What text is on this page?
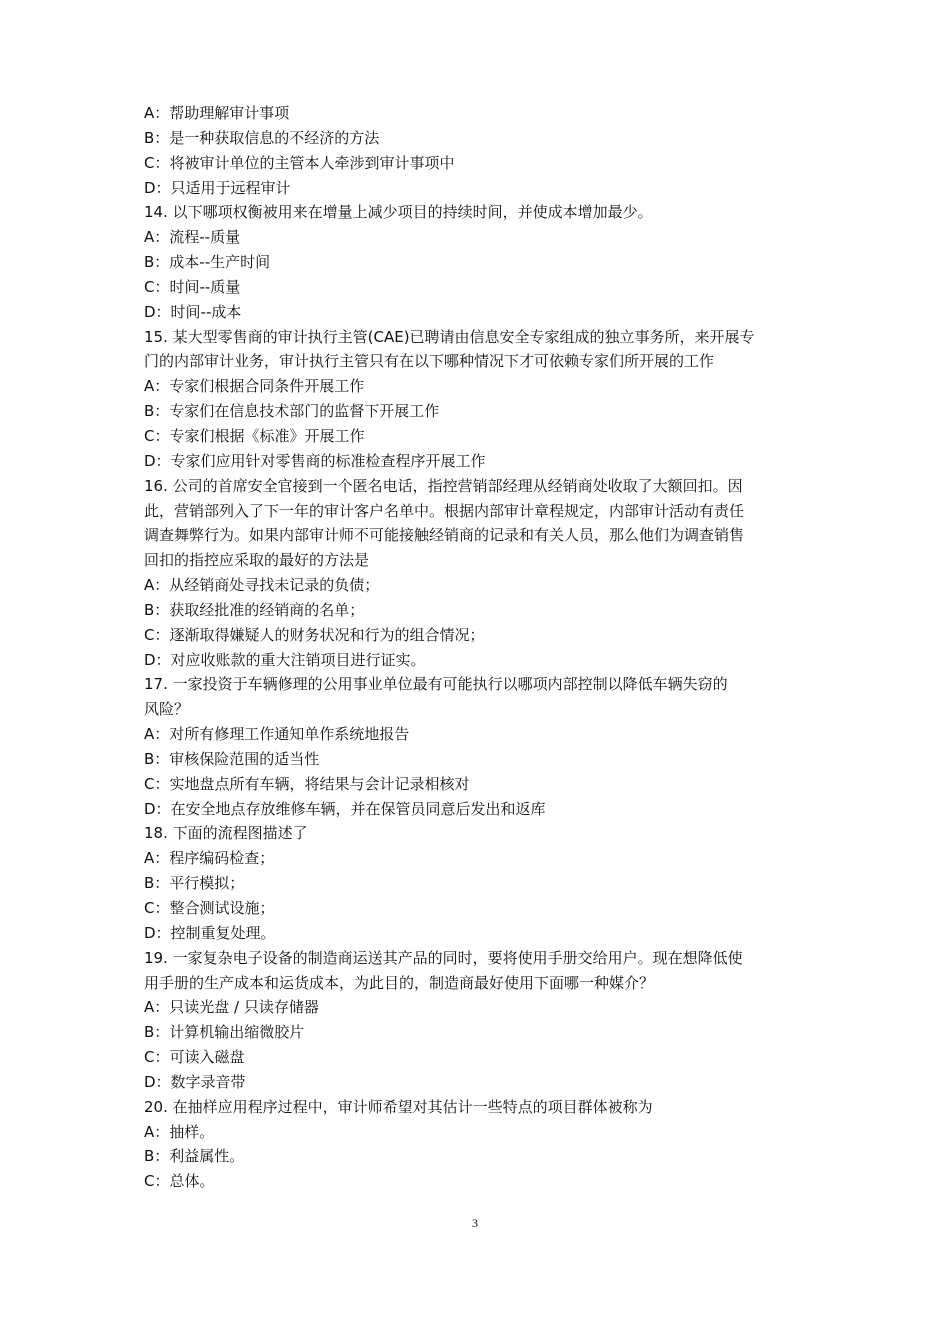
A：帮助理解审计事项
B：是一种获取信息的不经济的方法
C：将被审计单位的主管本人牵涉到审计事项中
D：只适用于远程审计
14. 以下哪项权衡被用来在增量上减少项目的持续时间，并使成本增加最少。
A：流程--质量
B：成本--生产时间
C：时间--质量
D：时间--成本
15. 某大型零售商的审计执行主管(CAE)已聘请由信息安全专家组成的独立事务所，来开展专
门的内部审计业务，审计执行主管只有在以下哪种情况下才可依赖专家们所开展的工作
A：专家们根据合同条件开展工作
B：专家们在信息技术部门的监督下开展工作
C：专家们根据《标准》开展工作
D：专家们应用针对零售商的标准检查程序开展工作
16. 公司的首席安全官接到一个匿名电话，指控营销部经理从经销商处收取了大额回扣。因
此，营销部列入了下一年的审计客户名单中。根据内部审计章程规定，内部审计活动有责任
调查舞弊行为。如果内部审计师不可能接触经销商的记录和有关人员，那么他们为调查销售
回扣的指控应采取的最好的方法是
A：从经销商处寻找未记录的负债；
B：获取经批准的经销商的名单；
C：逐渐取得嫌疑人的财务状况和行为的组合情况；
D：对应收账款的重大注销项目进行证实。
17. 一家投资于车辆修理的公用事业单位最有可能执行以哪项内部控制以降低车辆失窃的
风险？
A：对所有修理工作通知单作系统地报告
B：审核保险范围的适当性
C：实地盘点所有车辆，将结果与会计记录相核对
D：在安全地点存放维修车辆，并在保管员同意后发出和返库
18. 下面的流程图描述了
A：程序编码检查；
B：平行模拟；
C：整合测试设施；
D：控制重复处理。
19. 一家复杂电子设备的制造商运送其产品的同时，要将使用手册交给用户。现在想降低使
用手册的生产成本和运货成本，为此目的，制造商最好使用下面哪一种媒介？
A：只读光盘 / 只读存储器
B：计算机输出缩微胶片
C：可读入磁盘
D：数字录音带
20. 在抽样应用程序过程中，审计师希望对其估计一些特点的项目群体被称为
A：抽样。
B：利益属性。
C：总体。
3
